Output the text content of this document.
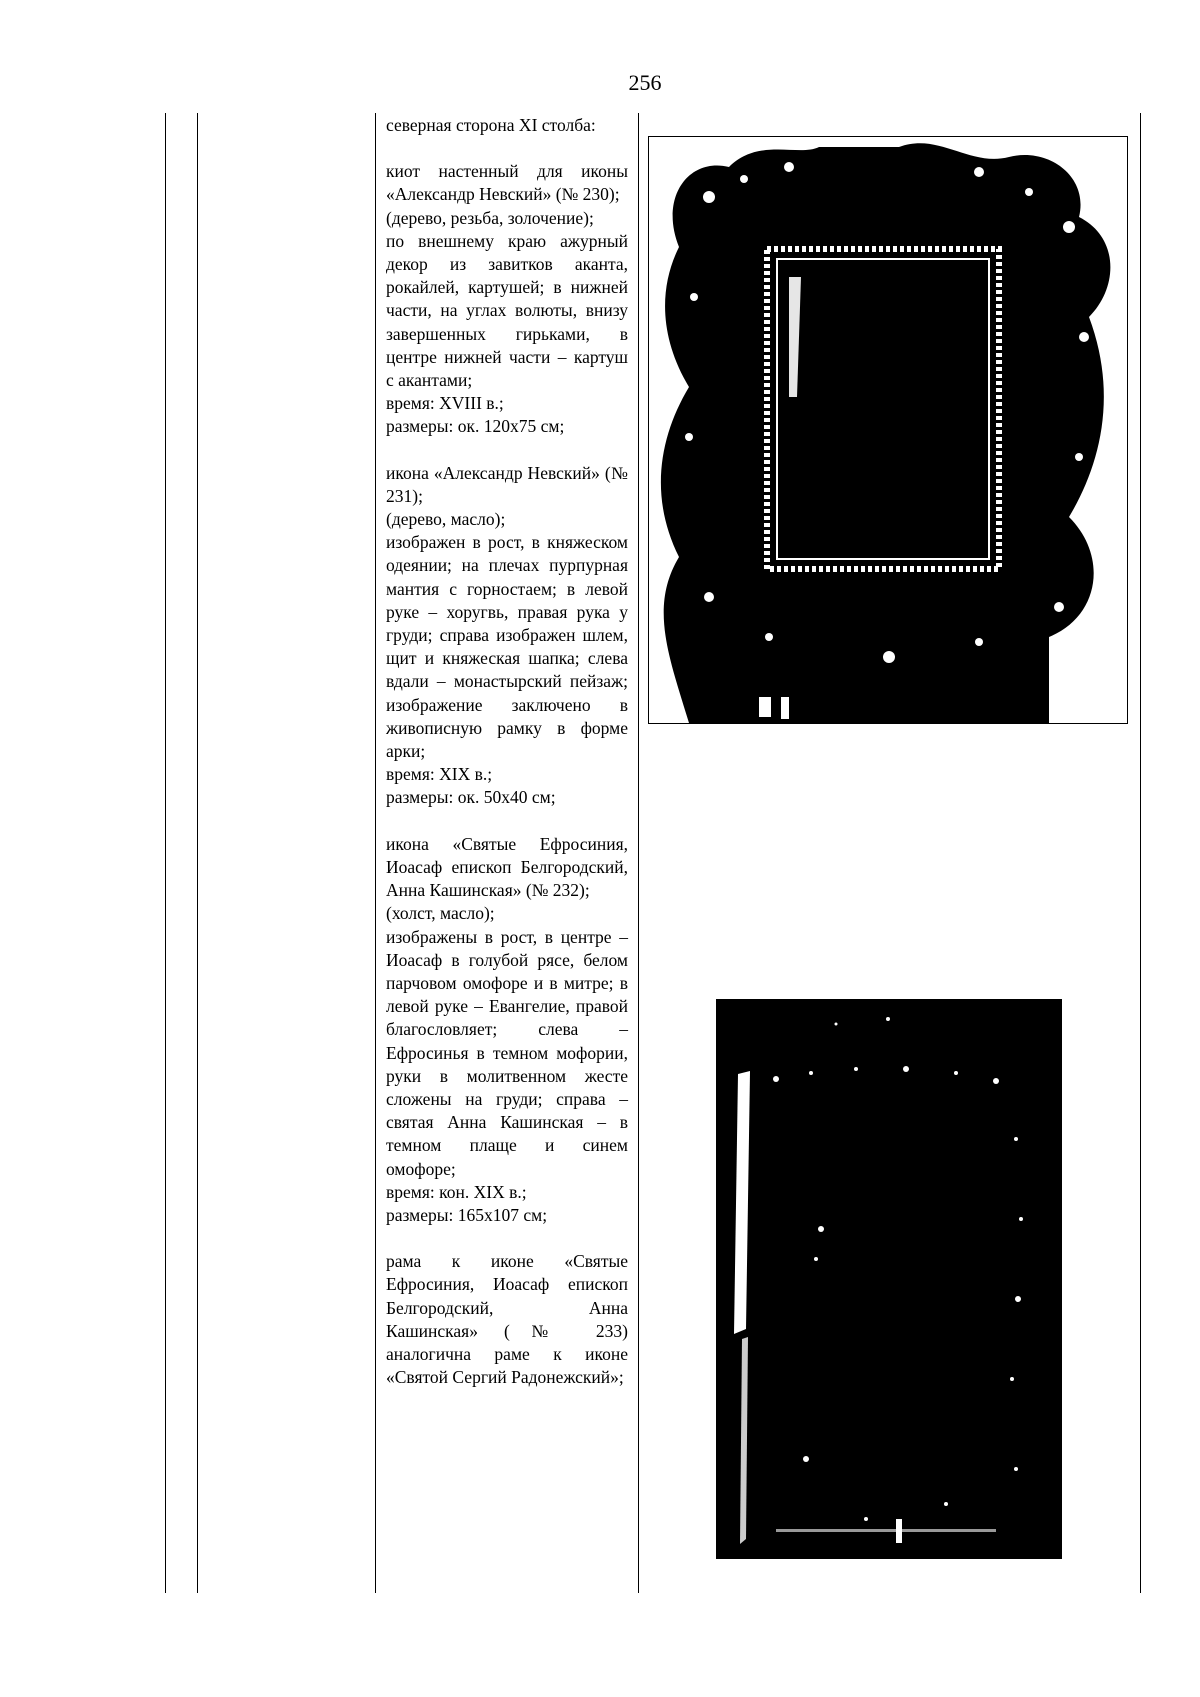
256

северная сторона XI столба:

киот настенный для иконы «Александр Невский» (№ 230);
(дерево, резьба, золочение);
по внешнему краю ажурный декор из завитков аканта, рокайлей, картушей; в нижней части, на углах волюты, внизу завершенных гирьками, в центре нижней части – картуш с акантами;
время: XVIII в.;
размеры: ок. 120x75 см;

икона «Александр Невский» (№ 231);
(дерево, масло);
изображен в рост, в княжеском одеянии; на плечах пурпурная мантия с горностаем; в левой руке – хоругвь, правая рука у груди; справа изображен шлем, щит и княжеская шапка; слева вдали – монастырский пейзаж; изображение заключено в живописную рамку в форме арки;
время: XIX в.;
размеры: ок. 50x40 см;

икона «Святые Ефросиния, Иоасаф епископ Белгородский, Анна Кашинская» (№ 232);
(холст, масло);
изображены в рост, в центре – Иоасаф в голубой рясе, белом парчовом омофоре и в митре; в левой руке – Евангелие, правой благословляет; слева – Ефросинья в темном мофории, руки в молитвенном жесте сложены на груди; справа – святая Анна Кашинская – в темном плаще и синем омофоре;
время: кон. XIX в.;
размеры: 165x107 см;

рама к иконе «Святые Ефросиния, Иоасаф епископ Белгородский, Анна Кашинская» (№ 233) аналогична раме к иконе «Святой Сергий Радонежский»;
